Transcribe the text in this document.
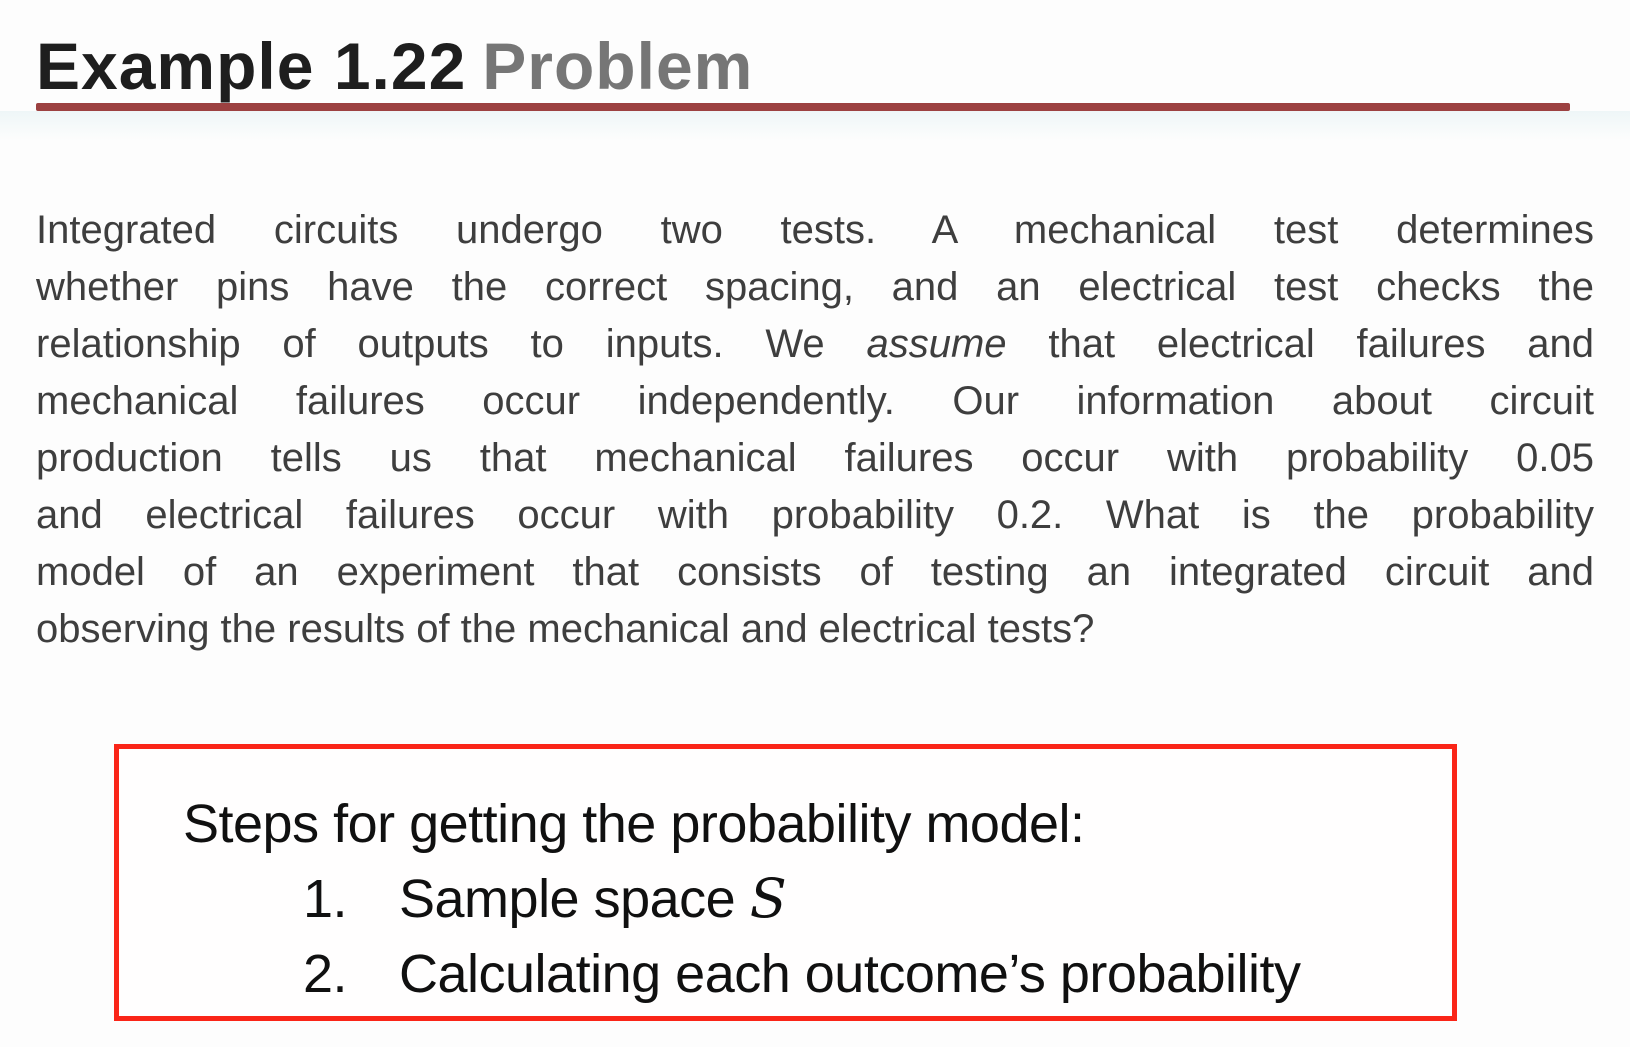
Example 1.22 Problem
Integrated circuits undergo two tests. A mechanical test determines
whether pins have the correct spacing, and an electrical test checks the
relationship of outputs to inputs. We assume that electrical failures and
mechanical failures occur independently. Our information about circuit
production tells us that mechanical failures occur with probability 0.05
and electrical failures occur with probability 0.2. What is the probability
model of an experiment that consists of testing an integrated circuit and
observing the results of the mechanical and electrical tests?
Steps for getting the probability model:
1. Sample space S
2. Calculating each outcome’s probability
